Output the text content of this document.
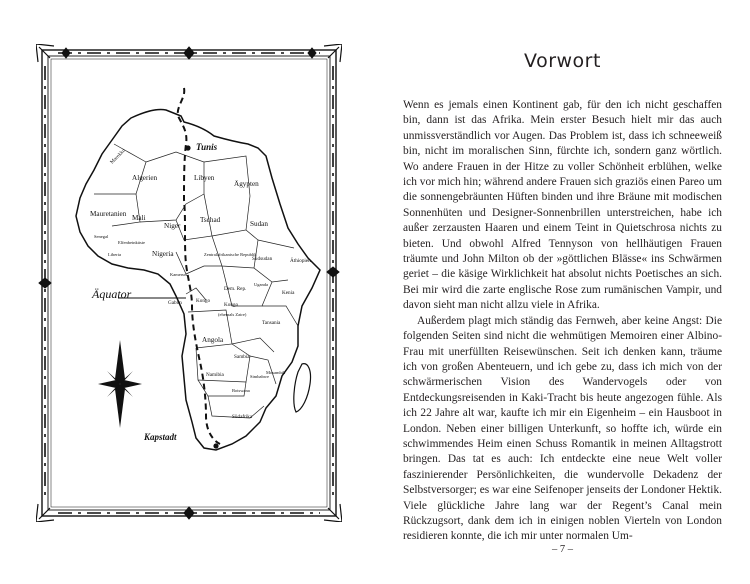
Tunis
Kapstadt
Äquator
Marokko
Algerien	Libyen
Ägypten
Mauretanien Mali
Niger
Tschad	Sudan
Senegal
Elfenbeinküste
Liberia	Nigeria
Kamerun
Zentralafrikanische Republik
Südsudan	Äthiopien
Uganda
Kenia
Gabun
Dem. Rep.
Kongo
Kongo
(ehemals Zaire)
Tansania
Angola
Sambia
Mosambik
Namibia	Simbabwe
Botswana
Südafrika
Vorwort

Wenn es jemals einen Kontinent gab, für den ich nicht geschaffen bin, dann ist das Afrika. Mein erster Besuch hielt mir das auch unmissverständlich vor Augen. Das Problem ist, dass ich schneeweiß bin, nicht im moralischen Sinn, fürchte ich, sondern ganz wörtlich. Wo andere Frauen in der Hitze zu voller Schönheit erblühen, welke ich vor mich hin; während andere Frauen sich graziös einen Pareo um die sonnengebräunten Hüften binden und ihre Bräune mit modischen Sonnenhüten und Designer-Sonnenbrillen unterstreichen, habe ich außer zerzausten Haaren und einem Teint in Quietschrosa nichts zu bieten. Und obwohl Alfred Tennyson von hellhäutigen Frauen träumte und John Milton ob der »göttlichen Blässe« ins Schwärmen geriet – die käsige Wirklichkeit hat absolut nichts Poetisches an sich. Bei mir wird die zarte englische Rose zum rumänischen Vampir, und davon sieht man nicht allzu viele in Afrika.

Außerdem plagt mich ständig das Fernweh, aber keine Angst: Die folgenden Seiten sind nicht die wehmütigen Memoiren einer Albino-Frau mit unerfüllten Reisewünschen. Seit ich denken kann, träume ich von großen Abenteuern, und ich gebe zu, dass ich mich von der schwärmerischen Vision des Wandervogels oder von Entdeckungsreisenden in Kaki-Tracht bis heute angezogen fühle. Als ich 22 Jahre alt war, kaufte ich mir ein Eigenheim – ein Hausboot in London. Neben einer billigen Unterkunft, so hoffte ich, würde ein schwimmendes Heim einen Schuss Romantik in meinen Alltagstrott bringen. Das tat es auch: Ich entdeckte eine neue Welt voller faszinierender Persönlichkeiten, die wundervolle Dekadenz der Selbstversorger; es war eine Seifenoper jenseits der Londoner Hektik. Viele glückliche Jahre lang war der Regent’s Canal mein Rückzugsort, dank dem ich in einigen noblen Vierteln von London residieren konnte, die ich mir unter normalen Um-

– 7 –
